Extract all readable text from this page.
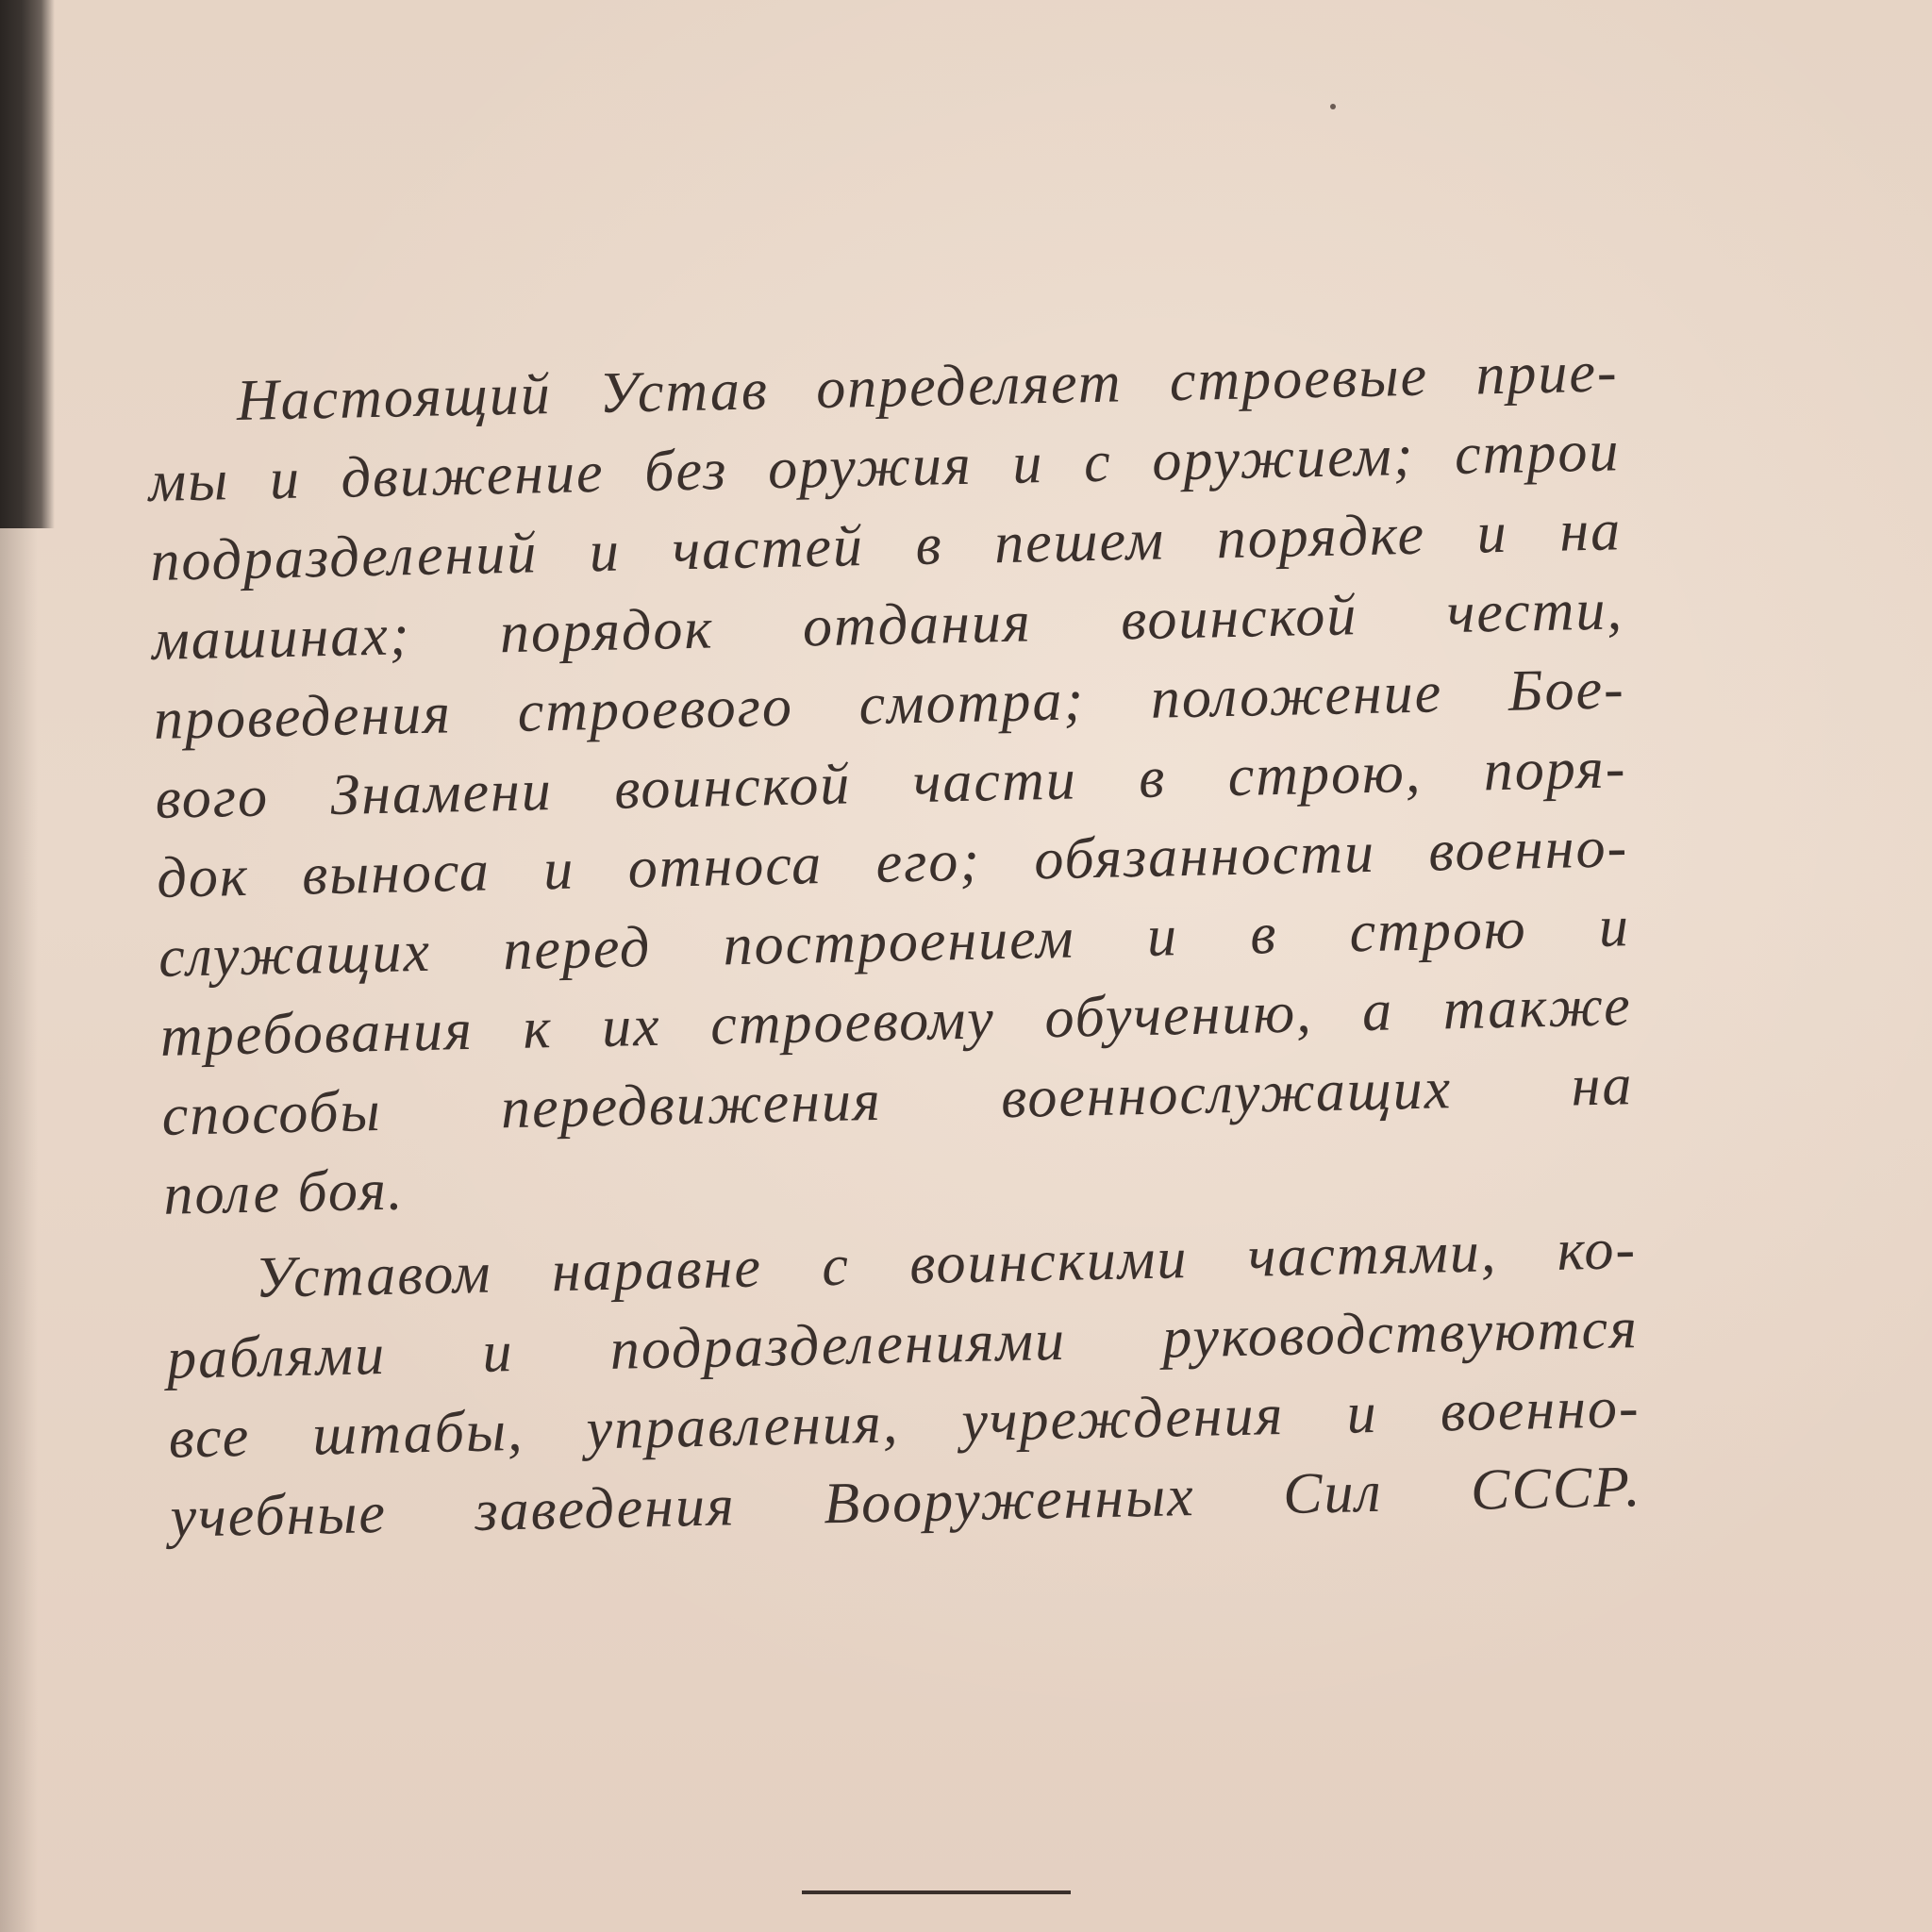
Настоящий Устав определяет строевые прие-
мы и движение без оружия и с оружием; строи
подразделений и частей в пешем порядке и на
машинах; порядок отдания воинской чести,
проведения строевого смотра; положение Бое-
вого Знамени воинской части в строю, поря-
док выноса и относа его; обязанности военно-
служащих перед построением и в строю и
требования к их строевому обучению, а также
способы передвижения военнослужащих на
поле боя.
Уставом наравне с воинскими частями, ко-
раблями и подразделениями руководствуются
все штабы, управления, учреждения и военно-
учебные заведения Вооруженных Сил СССР.
